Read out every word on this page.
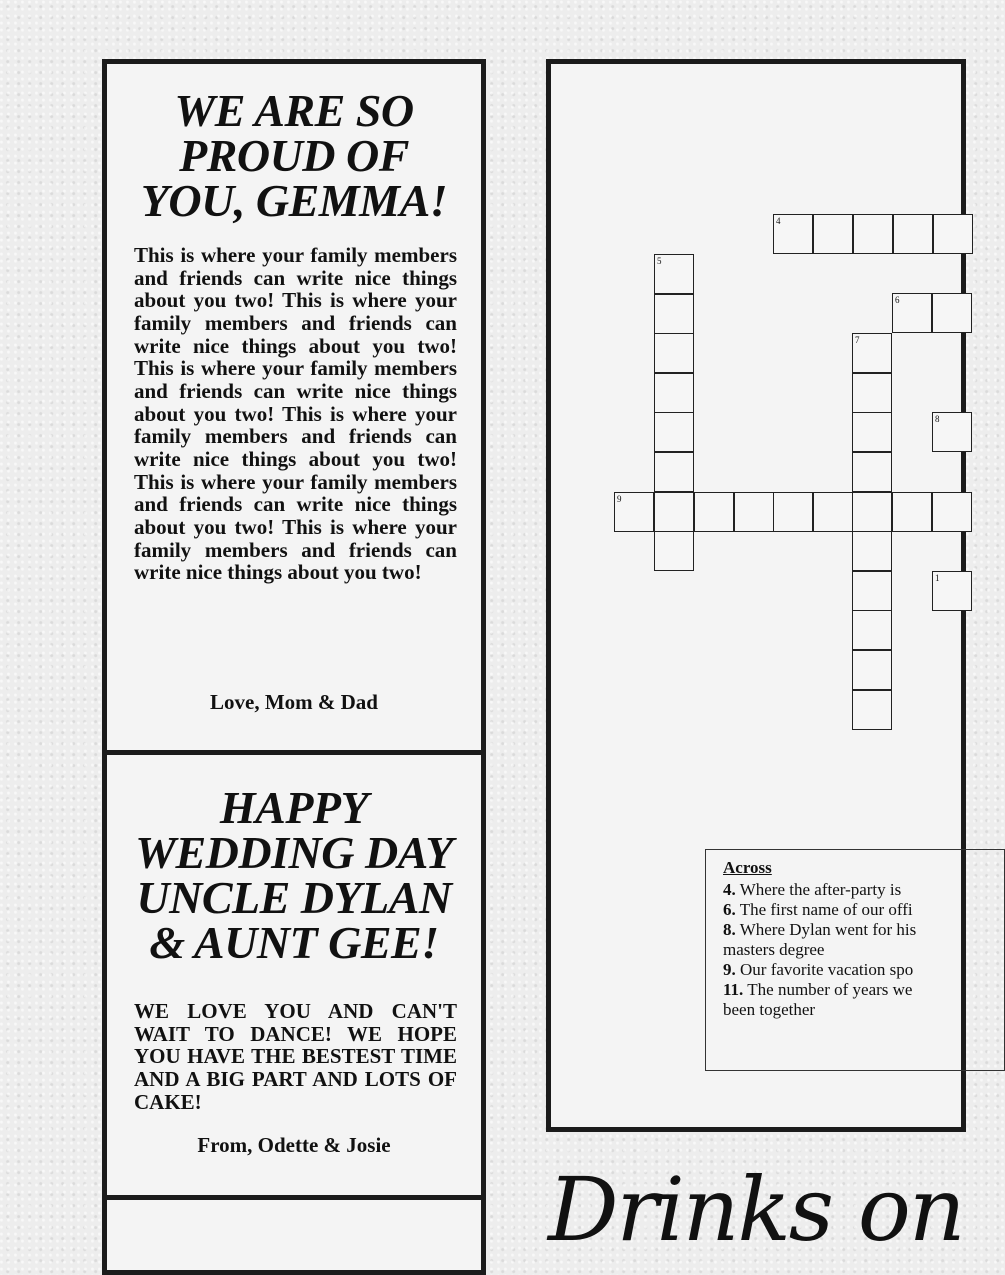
WE ARE SO PROUD OF YOU, GEMMA!

This is where your family members and friends can write nice things about you two! This is where your family members and friends can write nice things about you two! This is where your family members and friends can write nice things about you two! This is where your family members and friends can write nice things about you two! This is where your family members and friends can write nice things about you two! This is where your family members and friends can write nice things about you two!

Love, Mom & Dad

HAPPY WEDDING DAY UNCLE DYLAN & AUNT GEE!

WE LOVE YOU AND CAN'T WAIT TO DANCE! WE HOPE YOU HAVE THE BESTEST TIME AND A BIG PART AND LOTS OF CAKE!

From, Odette & Josie

4
5
6
7
8
9
1

Across

4. Where the after-party is

6. The first name of our offi

8. Where Dylan went for his masters degree

9. Our favorite vacation spo

11. The number of years we been together

Drinks on
